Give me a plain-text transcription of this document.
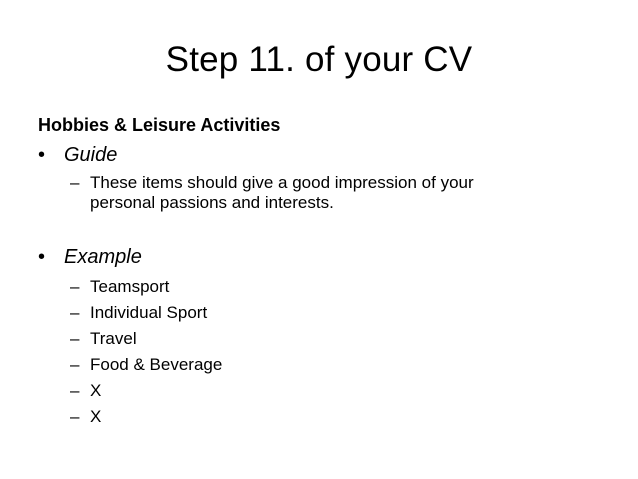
Step 11. of your CV
Hobbies & Leisure Activities
• Guide
– These items should give a good impression of your
personal passions and interests.
• Example
– Teamsport
– Individual Sport
– Travel
– Food & Beverage
– X
– X
